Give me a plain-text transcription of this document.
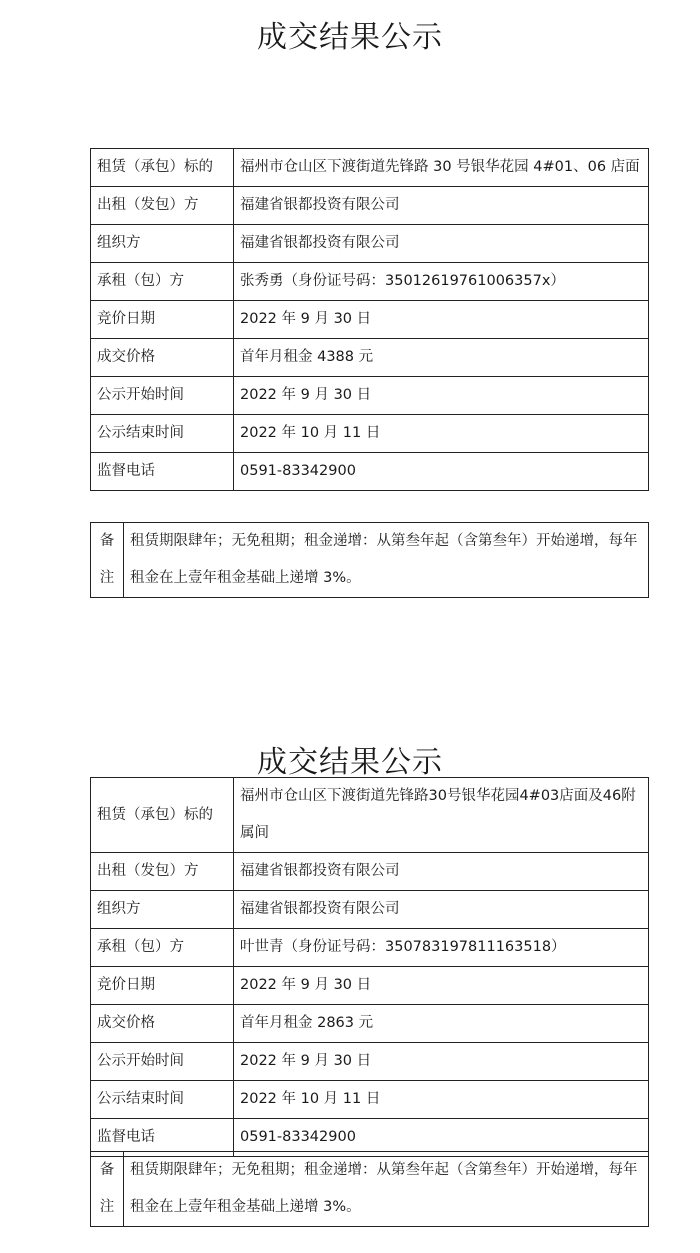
成交结果公示
租赁（承包）标的	福州市仓山区下渡街道先锋路 30 号银华花园 4#01、06 店面
出租（发包）方	福建省银都投资有限公司
组织方	福建省银都投资有限公司
承租（包）方	张秀勇（身份证号码：35012619761006357x）
竞价日期	2022 年 9 月 30 日
成交价格	首年月租金 4388 元
公示开始时间	2022 年 9 月 30 日
公示结束时间	2022 年 10 月 11 日
监督电话	0591-83342900
备注	租赁期限肆年；无免租期；租金递增：从第叁年起（含第叁年）开始递增，每年租金在上壹年租金基础上递增 3%。
成交结果公示
租赁（承包）标的	福州市仓山区下渡街道先锋路30号银华花园4#03店面及46附属间
出租（发包）方	福建省银都投资有限公司
组织方	福建省银都投资有限公司
承租（包）方	叶世青（身份证号码：350783197811163518）
竞价日期	2022 年 9 月 30 日
成交价格	首年月租金 2863 元
公示开始时间	2022 年 9 月 30 日
公示结束时间	2022 年 10 月 11 日
监督电话	0591-83342900
备注	租赁期限肆年；无免租期；租金递增：从第叁年起（含第叁年）开始递增，每年租金在上壹年租金基础上递增 3%。
